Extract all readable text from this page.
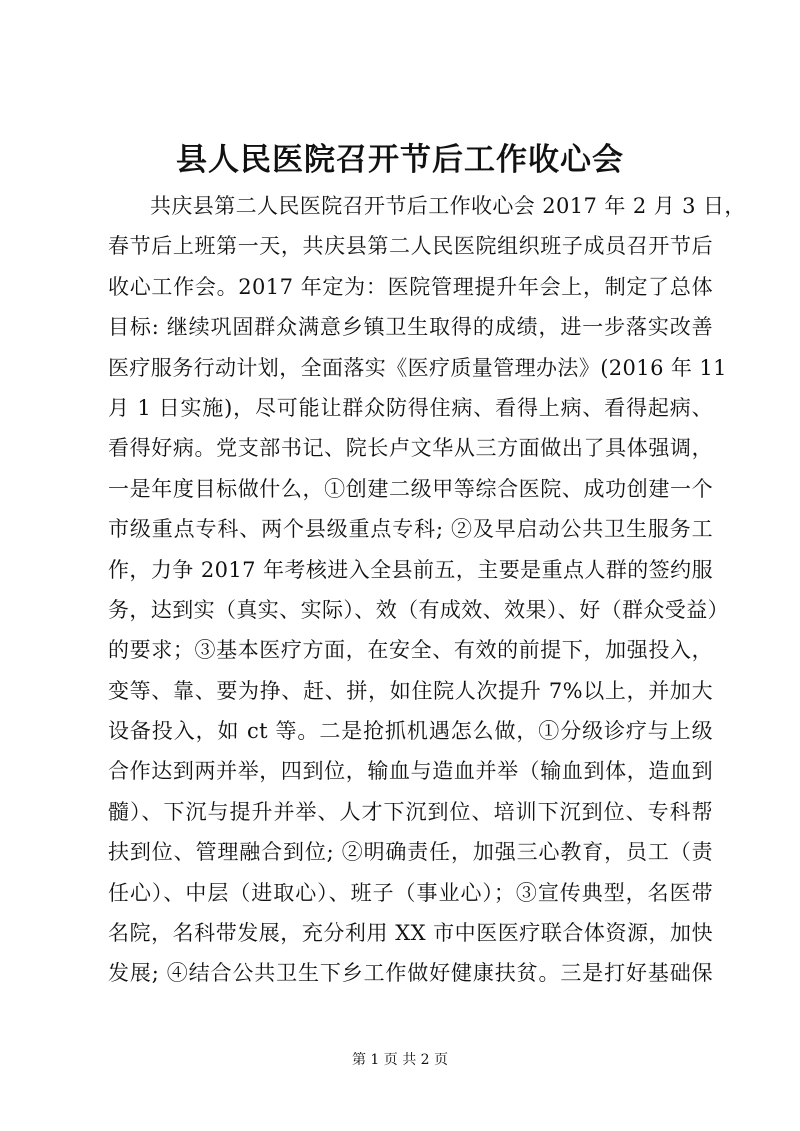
县人民医院召开节后工作收心会
共庆县第二人民医院召开节后工作收心会 2017 年 2 月 3 日，
春节后上班第一天，共庆县第二人民医院组织班子成员召开节后
收心工作会。2017 年定为：医院管理提升年会上，制定了总体
目标: 继续巩固群众满意乡镇卫生取得的成绩，进一步落实改善
医疗服务行动计划，全面落实《医疗质量管理办法》(2016 年 11
月 1 日实施)，尽可能让群众防得住病、看得上病、看得起病、
看得好病。党支部书记、院长卢文华从三方面做出了具体强调，
一是年度目标做什么，①创建二级甲等综合医院、成功创建一个
市级重点专科、两个县级重点专科; ②及早启动公共卫生服务工
作，力争 2017 年考核进入全县前五，主要是重点人群的签约服
务，达到实（真实、实际）、效（有成效、效果）、好（群众受益）
的要求；③基本医疗方面，在安全、有效的前提下，加强投入，
变等、靠、要为挣、赶、拼，如住院人次提升 7%以上，并加大
设备投入，如 ct 等。二是抢抓机遇怎么做，①分级诊疗与上级
合作达到两并举，四到位，输血与造血并举（输血到体，造血到
髓）、下沉与提升并举、人才下沉到位、培训下沉到位、专科帮
扶到位、管理融合到位; ②明确责任，加强三心教育，员工（责
任心）、中层（进取心）、班子（事业心）；③宣传典型，名医带
名院，名科带发展，充分利用 XX 市中医医疗联合体资源，加快
发展; ④结合公共卫生下乡工作做好健康扶贫。三是打好基础保
第 1 页 共 2 页
